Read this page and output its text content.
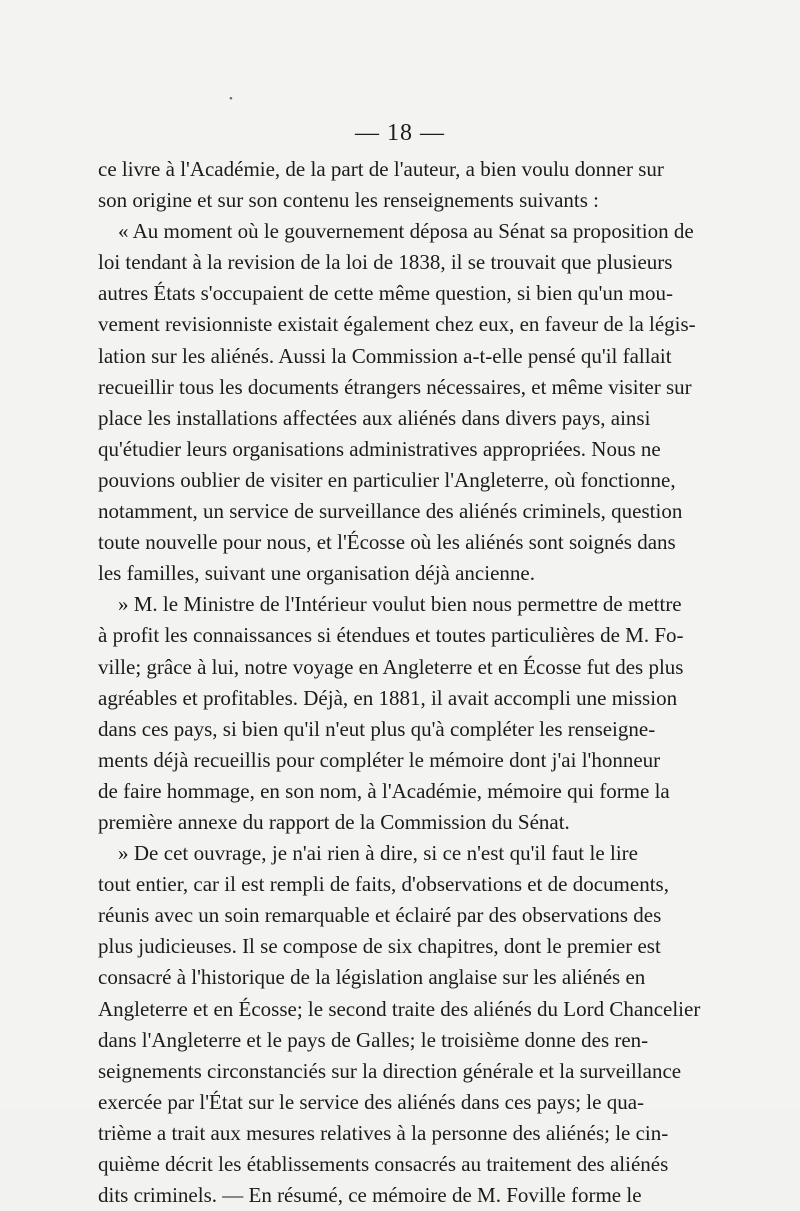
•
— 18 —
ce livre à l'Académie, de la part de l'auteur, a bien voulu donner sur
son origine et sur son contenu les renseignements suivants :
« Au moment où le gouvernement déposa au Sénat sa proposition de
loi tendant à la revision de la loi de 1838, il se trouvait que plusieurs
autres États s'occupaient de cette même question, si bien qu'un mou-
vement revisionniste existait également chez eux, en faveur de la légis-
lation sur les aliénés. Aussi la Commission a-t-elle pensé qu'il fallait
recueillir tous les documents étrangers nécessaires, et même visiter sur
place les installations affectées aux aliénés dans divers pays, ainsi
qu'étudier leurs organisations administratives appropriées. Nous ne
pouvions oublier de visiter en particulier l'Angleterre, où fonctionne,
notamment, un service de surveillance des aliénés criminels, question
toute nouvelle pour nous, et l'Écosse où les aliénés sont soignés dans
les familles, suivant une organisation déjà ancienne.
» M. le Ministre de l'Intérieur voulut bien nous permettre de mettre
à profit les connaissances si étendues et toutes particulières de M. Fo-
ville; grâce à lui, notre voyage en Angleterre et en Écosse fut des plus
agréables et profitables. Déjà, en 1881, il avait accompli une mission
dans ces pays, si bien qu'il n'eut plus qu'à compléter les renseigne-
ments déjà recueillis pour compléter le mémoire dont j'ai l'honneur
de faire hommage, en son nom, à l'Académie, mémoire qui forme la
première annexe du rapport de la Commission du Sénat.
» De cet ouvrage, je n'ai rien à dire, si ce n'est qu'il faut le lire
tout entier, car il est rempli de faits, d'observations et de documents,
réunis avec un soin remarquable et éclairé par des observations des
plus judicieuses. Il se compose de six chapitres, dont le premier est
consacré à l'historique de la législation anglaise sur les aliénés en
Angleterre et en Écosse; le second traite des aliénés du Lord Chancelier
dans l'Angleterre et le pays de Galles; le troisième donne des ren-
seignements circonstanciés sur la direction générale et la surveillance
exercée par l'État sur le service des aliénés dans ces pays; le qua-
trième a trait aux mesures relatives à la personne des aliénés; le cin-
quième décrit les établissements consacrés au traitement des aliénés
dits criminels. — En résumé, ce mémoire de M. Foville forme le
